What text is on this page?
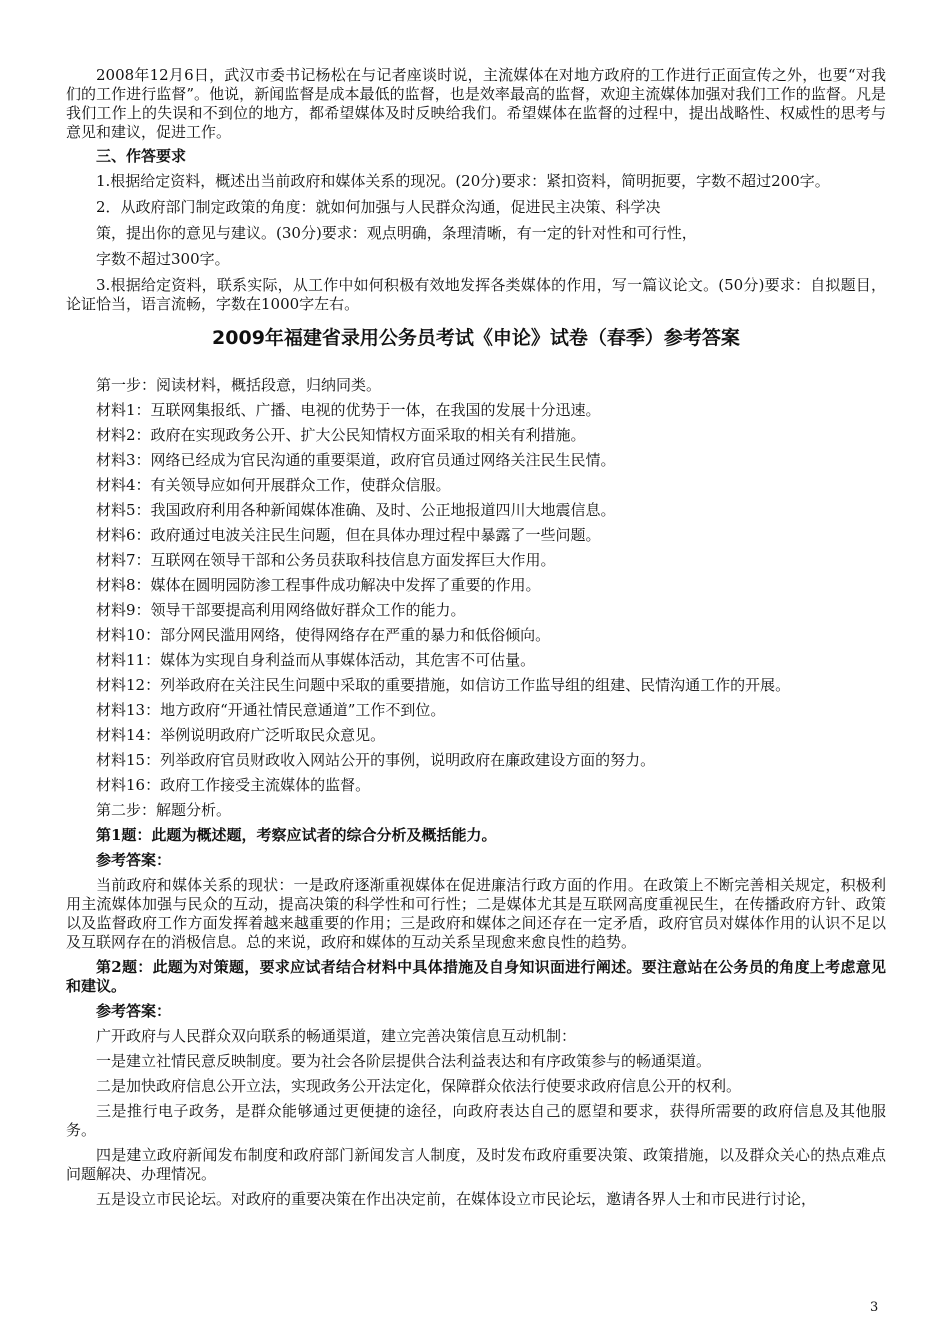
2008年12月6日，武汉市委书记杨松在与记者座谈时说，主流媒体在对地方政府的工作进行正面宣传之外，也要“对我们的工作进行监督”。他说，新闻监督是成本最低的监督，也是效率最高的监督，欢迎主流媒体加强对我们工作的监督。凡是我们工作上的失误和不到位的地方，都希望媒体及时反映给我们。希望媒体在监督的过程中，提出战略性、权威性的思考与意见和建议，促进工作。

三、作答要求

1.根据给定资料，概述出当前政府和媒体关系的现况。(20分)要求：紧扣资料，简明扼要，字数不超过200字。

2．从政府部门制定政策的角度：就如何加强与人民群众沟通，促进民主决策、科学决

策，提出你的意见与建议。(30分)要求：观点明确，条理清晰，有一定的针对性和可行性，

字数不超过300字。

3.根据给定资料，联系实际，从工作中如何积极有效地发挥各类媒体的作用，写一篇议论文。(50分)要求：自拟题目，论证恰当，语言流畅，字数在1000字左右。

2009年福建省录用公务员考试《申论》试卷（春季）参考答案

第一步：阅读材料，概括段意，归纳同类。

材料1：互联网集报纸、广播、电视的优势于一体，在我国的发展十分迅速。

材料2：政府在实现政务公开、扩大公民知情权方面采取的相关有利措施。

材料3：网络已经成为官民沟通的重要渠道，政府官员通过网络关注民生民情。

材料4：有关领导应如何开展群众工作，使群众信服。

材料5：我国政府利用各种新闻媒体准确、及时、公正地报道四川大地震信息。

材料6：政府通过电波关注民生问题，但在具体办理过程中暴露了一些问题。

材料7：互联网在领导干部和公务员获取科技信息方面发挥巨大作用。

材料8：媒体在圆明园防渗工程事件成功解决中发挥了重要的作用。

材料9：领导干部要提高利用网络做好群众工作的能力。

材料10：部分网民滥用网络，使得网络存在严重的暴力和低俗倾向。

材料11：媒体为实现自身利益而从事媒体活动，其危害不可估量。

材料12：列举政府在关注民生问题中采取的重要措施，如信访工作监导组的组建、民情沟通工作的开展。

材料13：地方政府“开通社情民意通道”工作不到位。

材料14：举例说明政府广泛听取民众意见。

材料15：列举政府官员财政收入网站公开的事例，说明政府在廉政建设方面的努力。

材料16：政府工作接受主流媒体的监督。

第二步：解题分析。

第1题：此题为概述题，考察应试者的综合分析及概括能力。

参考答案：

当前政府和媒体关系的现状：一是政府逐渐重视媒体在促进廉洁行政方面的作用。在政策上不断完善相关规定，积极利用主流媒体加强与民众的互动，提高决策的科学性和可行性；二是媒体尤其是互联网高度重视民生，在传播政府方针、政策以及监督政府工作方面发挥着越来越重要的作用；三是政府和媒体之间还存在一定矛盾，政府官员对媒体作用的认识不足以及互联网存在的消极信息。总的来说，政府和媒体的互动关系呈现愈来愈良性的趋势。

第2题：此题为对策题，要求应试者结合材料中具体措施及自身知识面进行阐述。要注意站在公务员的角度上考虑意见和建议。

参考答案：

广开政府与人民群众双向联系的畅通渠道，建立完善决策信息互动机制：

一是建立社情民意反映制度。要为社会各阶层提供合法利益表达和有序政策参与的畅通渠道。

二是加快政府信息公开立法，实现政务公开法定化，保障群众依法行使要求政府信息公开的权利。

三是推行电子政务，是群众能够通过更便捷的途径，向政府表达自己的愿望和要求，获得所需要的政府信息及其他服务。

四是建立政府新闻发布制度和政府部门新闻发言人制度，及时发布政府重要决策、政策措施，以及群众关心的热点难点问题解决、办理情况。

五是设立市民论坛。对政府的重要决策在作出决定前，在媒体设立市民论坛，邀请各界人士和市民进行讨论，

3
